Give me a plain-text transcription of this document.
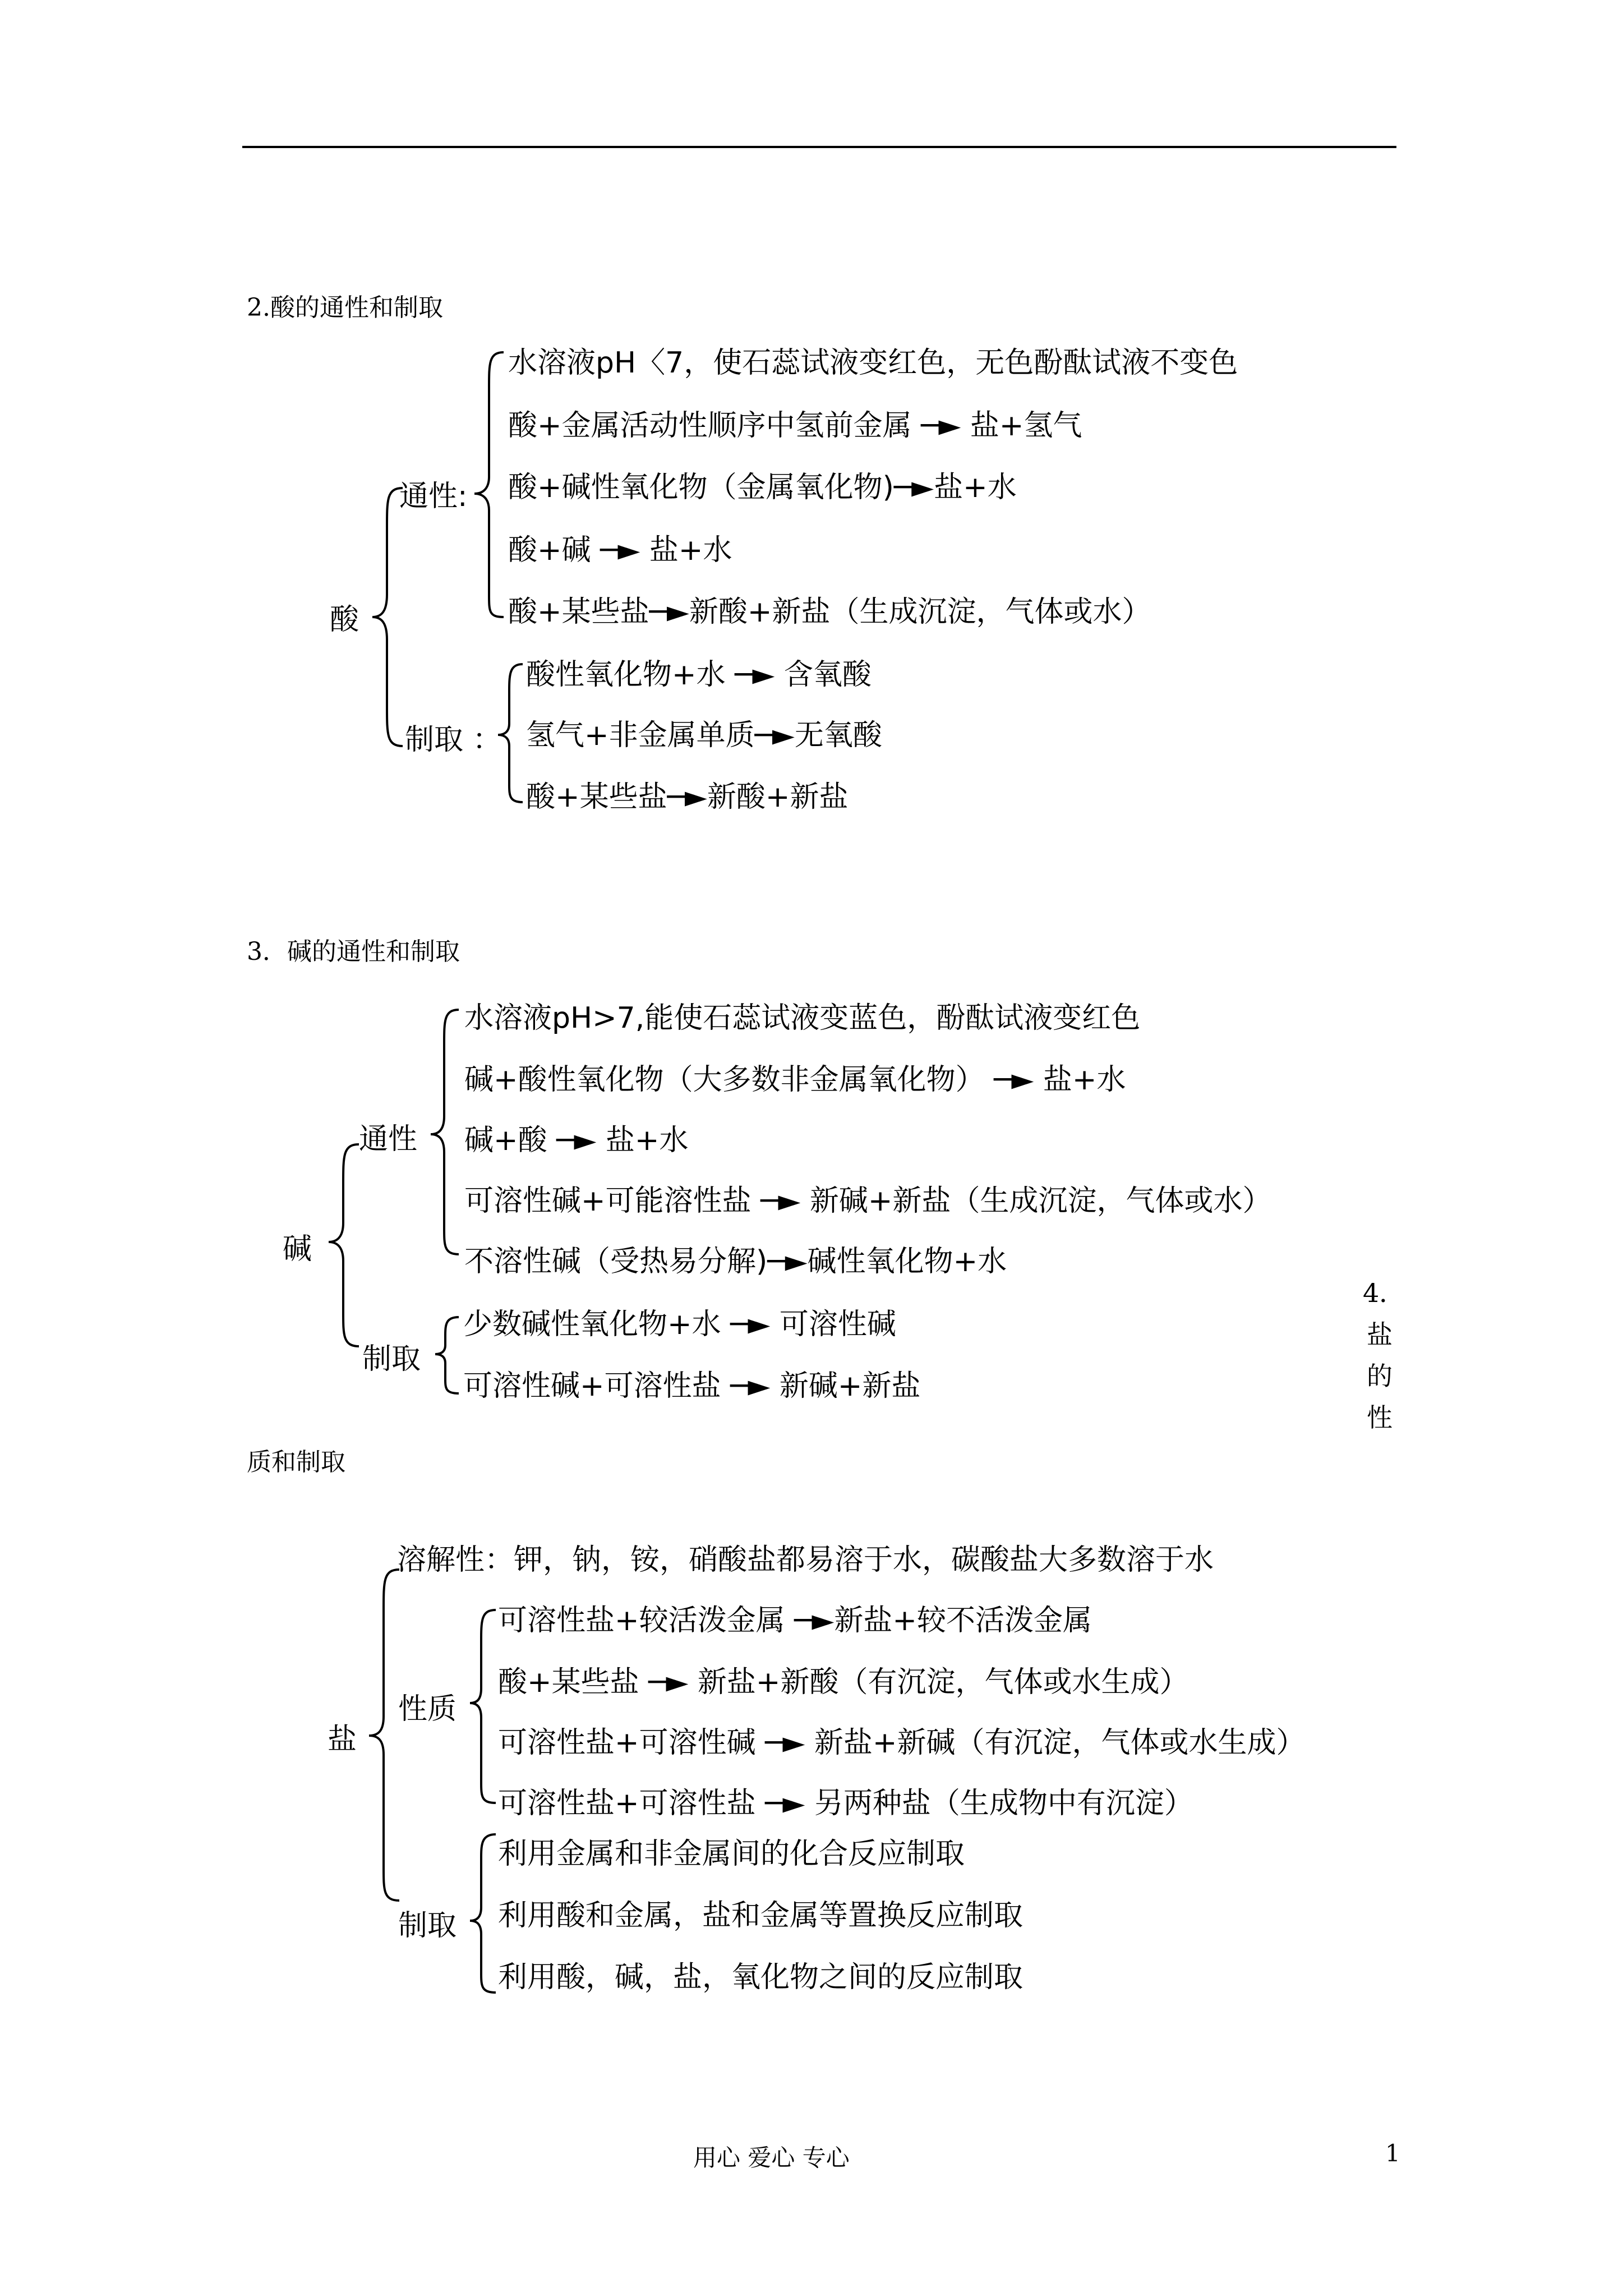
2.酸的通性和制取
酸
通性:
水溶液pH〈7，使石蕊试液变红色，无色酚酞试液不变色
酸+金属活动性顺序中氢前金属 ─► 盐+氢气
酸+碱性氧化物（金属氧化物)─►盐+水
酸+碱 ─► 盐+水
酸+某些盐─►新酸+新盐（生成沉淀，气体或水）
制取 ：
酸性氧化物+水 ─► 含氧酸
氢气+非金属单质─►无氧酸
酸+某些盐─►新酸+新盐
3．碱的通性和制取
碱
通性
水溶液pH>7,能使石蕊试液变蓝色，酚酞试液变红色
碱+酸性氧化物（大多数非金属氧化物） ─► 盐+水
碱+酸 ─► 盐+水
可溶性碱+可能溶性盐 ─► 新碱+新盐（生成沉淀，气体或水）
不溶性碱（受热易分解)─►碱性氧化物+水
制取
少数碱性氧化物+水 ─► 可溶性碱
可溶性碱+可溶性盐 ─► 新碱+新盐
4．
盐
的
性
质和制取
盐
溶解性：钾，钠，铵，硝酸盐都易溶于水，碳酸盐大多数溶于水
性质
可溶性盐+较活泼金属 ─►新盐+较不活泼金属
酸+某些盐 ─► 新盐+新酸（有沉淀，气体或水生成）
可溶性盐+可溶性碱 ─► 新盐+新碱（有沉淀，气体或水生成）
可溶性盐+可溶性盐 ─► 另两种盐（生成物中有沉淀）
制取
利用金属和非金属间的化合反应制取
利用酸和金属，盐和金属等置换反应制取
利用酸，碱，盐，氧化物之间的反应制取
用心 爱心 专心	1
